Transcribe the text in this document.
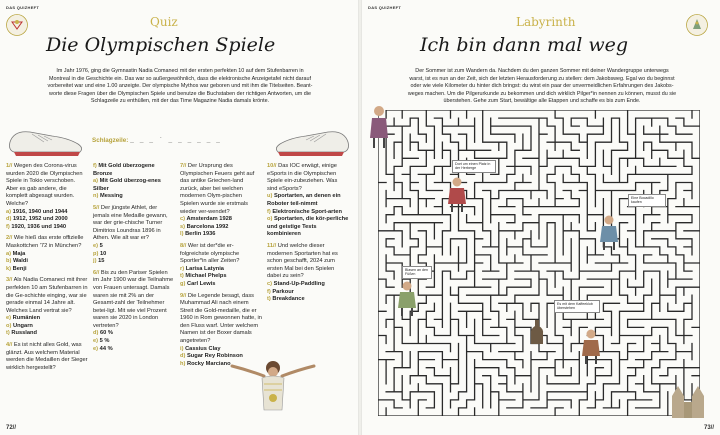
DAS QUIZHEFT
Quiz
Die Olympischen Spiele
Im Jahr 1976, ging die Gymnastin Nadia Comaneci mit der ersten perfekten 10 auf dem Stufenbarren in
Montreal in die Geschichte ein. Das war so außergewöhnlich, dass die elektronische Anzeigetafel nicht darauf
vorbereitet war und eine 1.00 anzeigte. Der olympische Mythos war geboren und mit ihm die Titelseiten. Beant-
worte diese Fragen über die Olympischen Spiele und benutze die Buchstaben der richtigen Antworten, um die
Schlagzeile zu enthüllen, mit der das Time Magazine Nadia damals krönte.
Schlagzeile: _ _ _ ´ _ _ _ _ _ _
1// Wegen des Corona-virus wurden 2020 die Olympischen Spiele in Tokio verschoben. Aber es gab andere, die komplett abgesagt wurden. Welche?
a) 1916, 1940 und 1944
d) 1912, 1952 und 2000
f) 1920, 1936 und 1940
2// Wie hieß das erste offizielle Maskottchen '72 in München?
a) Maja
b) Waldi
k) Benji
3// Als Nadia Comaneci mit ihrer perfekten 10 am Stufenbarren in die Ge-schichte einging, war sie gerade einmal 14 Jahre alt. Welches Land vertrat sie?
e) Rumänien
o) Ungarn
t) Russland
4// Es ist nicht alles Gold, was glänzt. Aus welchem Material werden die Medaillen der Sieger wirklich hergestellt?
f) Mit Gold überzogene Bronze
a) Mit Gold überzog-enes Silber
n) Messing
5// Der jüngste Athlet, der jemals eine Medaille gewann, war der grie-chische Turner Dimitrios Loundras 1896 in Athen. Wie alt war er?
e) 5
p) 10
j) 15
6// Bis zu den Pariser Spielen im Jahr 1900 war die Teilnahme von Frauen untersagt. Damals waren sie mit 2% an der Gesamt-zahl der Teilnehmer betei-ligt. Mit wie viel Prozent waren sie 2020 in London vertreten?
d) 60 %
e) 5 %
e) 44 %
7// Der Ursprung des Olympischen Feuers geht auf das antike Griechen-land zurück, aber bei welchen modernen Olym-pischen Spielen wurde sie erstmals wieder ver-wendet?
c) Amsterdam 1928
s) Barcelona 1992
l) Berlin 1936
8// Wer ist der*die er-folgreichste olympische Sportler*in aller Zeiten?
r) Larisa Latynia
t) Michael Phelps
g) Carl Lewis
9// Die Legende besagt, dass Muhammad Ali nach einem Streit die Gold-medaille, die er 1960 in Rom gewonnen hatte, in den Fluss warf. Unter welchem Namen ist der Boxer damals angetreten?
i) Cassius Clay
d) Sugar Rey Robinson
h) Rocky Marciano
10// Das IOC erwägt, einige eSports in die Olympischen Spiele ein-zubeziehen. Was sind eSports?
u) Sportarten, an denen ein Roboter teil-nimmt
f) Elektronische Sport-arten
o) Sportarten, die kör-perliche und geistige Tests kombinieren
11// Und welche dieser modernen Sportarten hat es schon geschafft, 2024 zum ersten Mal bei den Spielen dabei zu sein?
c) Stand-Up-Paddling
f) Parkour
t) Breakdance
72//
DAS QUIZHEFT
Labyrinth
Ich bin dann mal weg
Der Sommer ist zum Wandern da. Nachdem du den ganzen Sommer mit deiner Wandergruppe unterwegs
warst, ist es nun an der Zeit, sich der letzten Herausforderung zu stellen: dem Jakobsweg. Egal wo du beginnst
oder wie viele Kilometer du hinter dich bringst: du wirst ein paar der unvermeidlichen Erfahrungen des Jakobs-
weges machen. Um die Pilgerurkunde zu bekommen und dich wirklich Pilger*in nennen zu können, musst du sie
überstehen. Gehe zum Start, bewältige alle Etappen und schaffe es bis zum Ende.
Dort um einen Platz in der Herberge
Eine Bocadillo kaufen
Blasen an den Füßen
Es mit dem Kaffeeklob überstehen
73//
